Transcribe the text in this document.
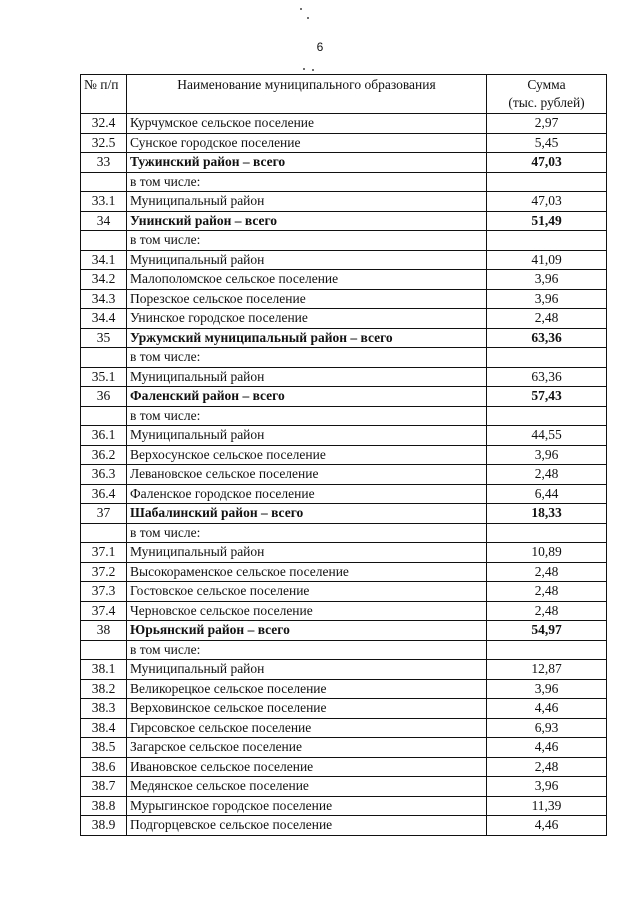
6
№ п/п	Наименование муниципального образования	Сумма
(тыс. рублей)

32.4	Курчумское сельское поселение	2,97
32.5	Сунское городское поселение	5,45
33	Тужинский район – всего	47,03
	в том числе:	
33.1	Муниципальный район	47,03
34	Унинский район – всего	51,49
	в том числе:	
34.1	Муниципальный район	41,09
34.2	Малополомское сельское поселение	3,96
34.3	Порезское сельское поселение	3,96
34.4	Унинское городское поселение	2,48
35	Уржумский муниципальный район – всего	63,36
	в том числе:	
35.1	Муниципальный район	63,36
36	Фаленский район – всего	57,43
	в том числе:	
36.1	Муниципальный район	44,55
36.2	Верхосунское сельское поселение	3,96
36.3	Левановское сельское поселение	2,48
36.4	Фаленское городское поселение	6,44
37	Шабалинский район – всего	18,33
	в том числе:	
37.1	Муниципальный район	10,89
37.2	Высокораменское сельское поселение	2,48
37.3	Гостовское сельское поселение	2,48
37.4	Черновское сельское поселение	2,48
38	Юрьянский район – всего	54,97
	в том числе:	
38.1	Муниципальный район	12,87
38.2	Великорецкое сельское поселение	3,96
38.3	Верховинское сельское поселение	4,46
38.4	Гирсовское сельское поселение	6,93
38.5	Загарское сельское поселение	4,46
38.6	Ивановское сельское поселение	2,48
38.7	Медянское сельское поселение	3,96
38.8	Мурыгинское городское поселение	11,39
38.9	Подгорцевское сельское поселение	4,46
